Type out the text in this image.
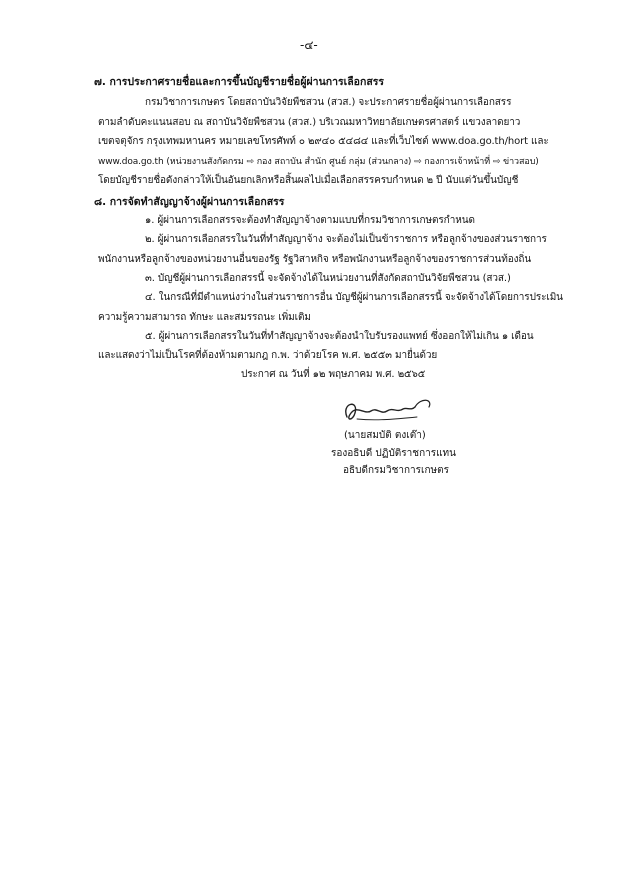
-๔-
๗. การประกาศรายชื่อและการขึ้นบัญชีรายชื่อผู้ผ่านการเลือกสรร
กรมวิชาการเกษตร โดยสถาบันวิจัยพืชสวน (สวส.) จะประกาศรายชื่อผู้ผ่านการเลือกสรร
ตามลำดับคะแนนสอบ ณ สถาบันวิจัยพืชสวน (สวส.) บริเวณมหาวิทยาลัยเกษตรศาสตร์ แขวงลาดยาว
เขตจตุจักร กรุงเทพมหานคร หมายเลขโทรศัพท์ ๐ ๒๙๔๐ ๕๔๘๔ และที่เว็บไซต์ www.doa.go.th/hort และ
www.doa.go.th (หน่วยงานสังกัดกรม ⇨ กอง สถาบัน สำนัก ศูนย์ กลุ่ม (ส่วนกลาง) ⇨ กองการเจ้าหน้าที่ ⇨ ข่าวสอบ)
โดยบัญชีรายชื่อดังกล่าวให้เป็นอันยกเลิกหรือสิ้นผลไปเมื่อเลือกสรรครบกำหนด ๒ ปี นับแต่วันขึ้นบัญชี
๘. การจัดทำสัญญาจ้างผู้ผ่านการเลือกสรร
๑. ผู้ผ่านการเลือกสรรจะต้องทำสัญญาจ้างตามแบบที่กรมวิชาการเกษตรกำหนด
๒. ผู้ผ่านการเลือกสรรในวันที่ทำสัญญาจ้าง จะต้องไม่เป็นข้าราชการ หรือลูกจ้างของส่วนราชการ
พนักงานหรือลูกจ้างของหน่วยงานอื่นของรัฐ รัฐวิสาหกิจ หรือพนักงานหรือลูกจ้างของราชการส่วนท้องถิ่น
๓. บัญชีผู้ผ่านการเลือกสรรนี้ จะจัดจ้างได้ในหน่วยงานที่สังกัดสถาบันวิจัยพืชสวน (สวส.)
๔. ในกรณีที่มีตำแหน่งว่างในส่วนราชการอื่น บัญชีผู้ผ่านการเลือกสรรนี้ จะจัดจ้างได้โดยการประเมิน
ความรู้ความสามารถ ทักษะ และสมรรถนะ เพิ่มเติม
๕. ผู้ผ่านการเลือกสรรในวันที่ทำสัญญาจ้างจะต้องนำใบรับรองแพทย์ ซึ่งออกให้ไม่เกิน ๑ เดือน
และแสดงว่าไม่เป็นโรคที่ต้องห้ามตามกฎ ก.พ. ว่าด้วยโรค พ.ศ. ๒๕๕๓ มายื่นด้วย
ประกาศ ณ วันที่ ๑๒ พฤษภาคม พ.ศ. ๒๕๖๕
(นายสมบัติ ตงเต๊า)
รองอธิบดี ปฏิบัติราชการแทน
อธิบดีกรมวิชาการเกษตร
